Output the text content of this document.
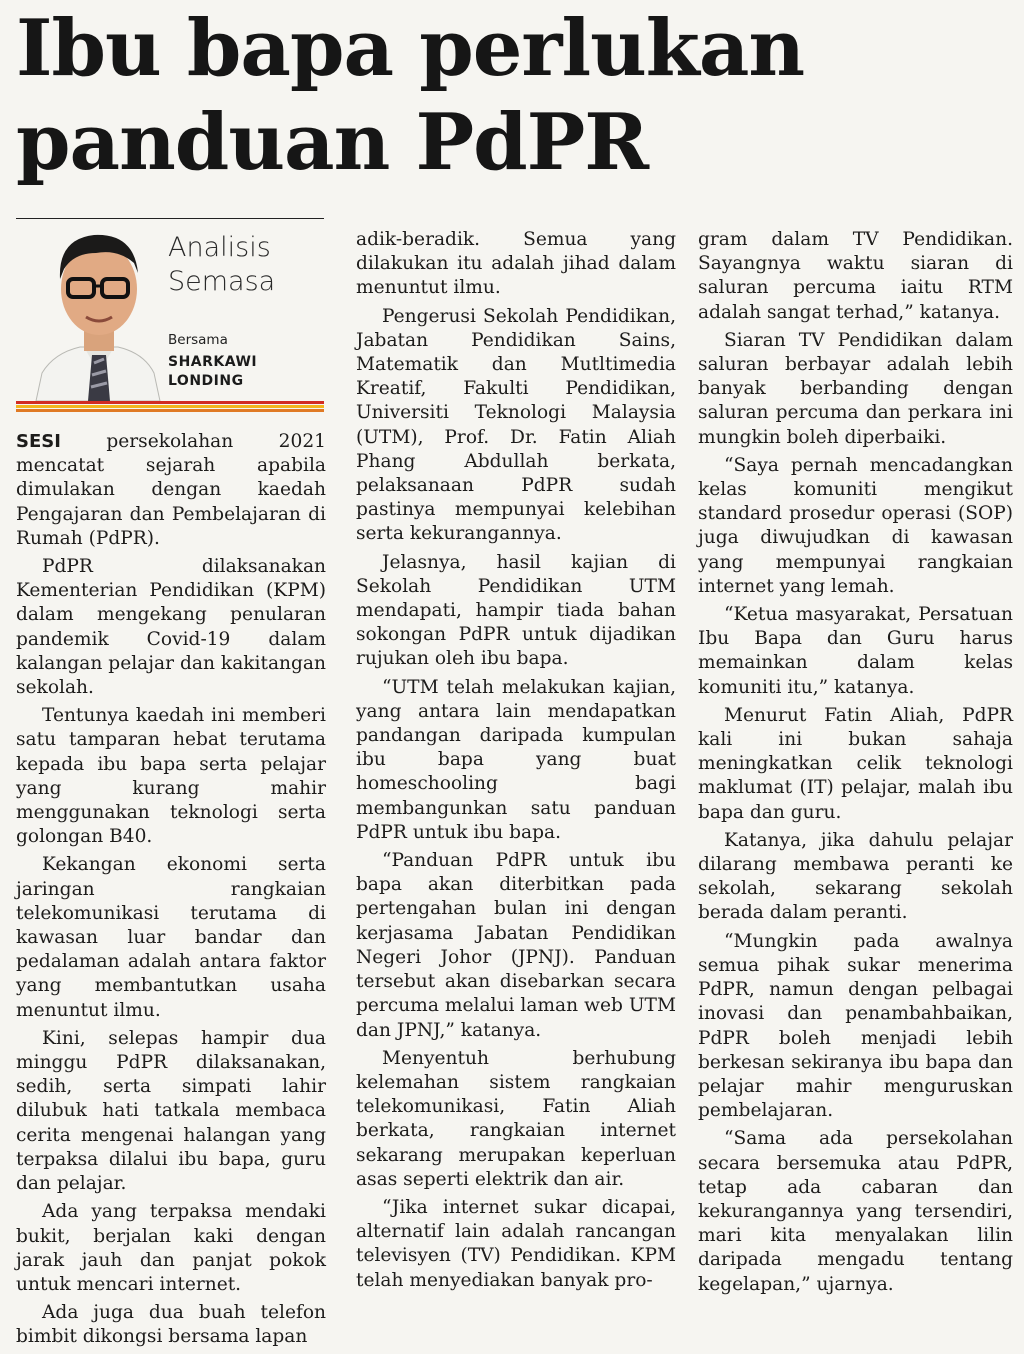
Ibu bapa perlukan
panduan PdPR
Analisis
Semasa
Bersama
SHARKAWI
LONDING

SESI persekolahan 2021 mencatat sejarah apabila dimulakan dengan kaedah Pengajaran dan Pembelajaran di Rumah (PdPR).

PdPR dilaksanakan Kementerian Pendidikan (KPM) dalam mengekang penularan pandemik Covid-19 dalam kalangan pelajar dan kakitangan sekolah.

Tentunya kaedah ini memberi satu tamparan hebat terutama kepada ibu bapa serta pelajar yang kurang mahir menggunakan teknologi serta golongan B40.

Kekangan ekonomi serta jaringan rangkaian telekomunikasi terutama di kawasan luar bandar dan pedalaman adalah antara faktor yang membantutkan usaha menuntut ilmu.

Kini, selepas hampir dua minggu PdPR dilaksanakan, sedih, serta simpati lahir dilubuk hati tatkala membaca cerita mengenai halangan yang terpaksa dilalui ibu bapa, guru dan pelajar.

Ada yang terpaksa mendaki bukit, berjalan kaki dengan jarak jauh dan panjat pokok untuk mencari internet.

Ada juga dua buah telefon bimbit dikongsi bersama lapan

adik-beradik. Semua yang dilakukan itu adalah jihad dalam menuntut ilmu.

Pengerusi Sekolah Pendidikan, Jabatan Pendidikan Sains, Matematik dan Mutltimedia Kreatif, Fakulti Pendidikan, Universiti Teknologi Malaysia (UTM), Prof. Dr. Fatin Aliah Phang Abdullah berkata, pelaksanaan PdPR sudah pastinya mempunyai kelebihan serta kekurangannya.

Jelasnya, hasil kajian di Sekolah Pendidikan UTM mendapati, hampir tiada bahan sokongan PdPR untuk dijadikan rujukan oleh ibu bapa.

“UTM telah melakukan kajian, yang antara lain mendapatkan pandangan daripada kumpulan ibu bapa yang buat homeschooling bagi membangunkan satu panduan PdPR untuk ibu bapa.

“Panduan PdPR untuk ibu bapa akan diterbitkan pada pertengahan bulan ini dengan kerjasama Jabatan Pendidikan Negeri Johor (JPNJ). Panduan tersebut akan disebarkan secara percuma melalui laman web UTM dan JPNJ,” katanya.

Menyentuh berhubung kelemahan sistem rangkaian telekomunikasi, Fatin Aliah berkata, rangkaian internet sekarang merupakan keperluan asas seperti elektrik dan air.

“Jika internet sukar dicapai, alternatif lain adalah rancangan televisyen (TV) Pendidikan. KPM telah menyediakan banyak pro-

gram dalam TV Pendidikan. Sayangnya waktu siaran di saluran percuma iaitu RTM adalah sangat terhad,” katanya.

Siaran TV Pendidikan dalam saluran berbayar adalah lebih banyak berbanding dengan saluran percuma dan perkara ini mungkin boleh diperbaiki.

“Saya pernah mencadangkan kelas komuniti mengikut standard prosedur operasi (SOP) juga diwujudkan di kawasan yang mempunyai rangkaian internet yang lemah.

“Ketua masyarakat, Persatuan Ibu Bapa dan Guru harus memainkan dalam kelas komuniti itu,” katanya.

Menurut Fatin Aliah, PdPR kali ini bukan sahaja meningkatkan celik teknologi maklumat (IT) pelajar, malah ibu bapa dan guru.

Katanya, jika dahulu pelajar dilarang membawa peranti ke sekolah, sekarang sekolah berada dalam peranti.

“Mungkin pada awalnya semua pihak sukar menerima PdPR, namun dengan pelbagai inovasi dan penambahbaikan, PdPR boleh menjadi lebih berkesan sekiranya ibu bapa dan pelajar mahir menguruskan pembelajaran.

“Sama ada persekolahan secara bersemuka atau PdPR, tetap ada cabaran dan kekurangannya yang tersendiri, mari kita menyalakan lilin daripada mengadu tentang kegelapan,” ujarnya.
